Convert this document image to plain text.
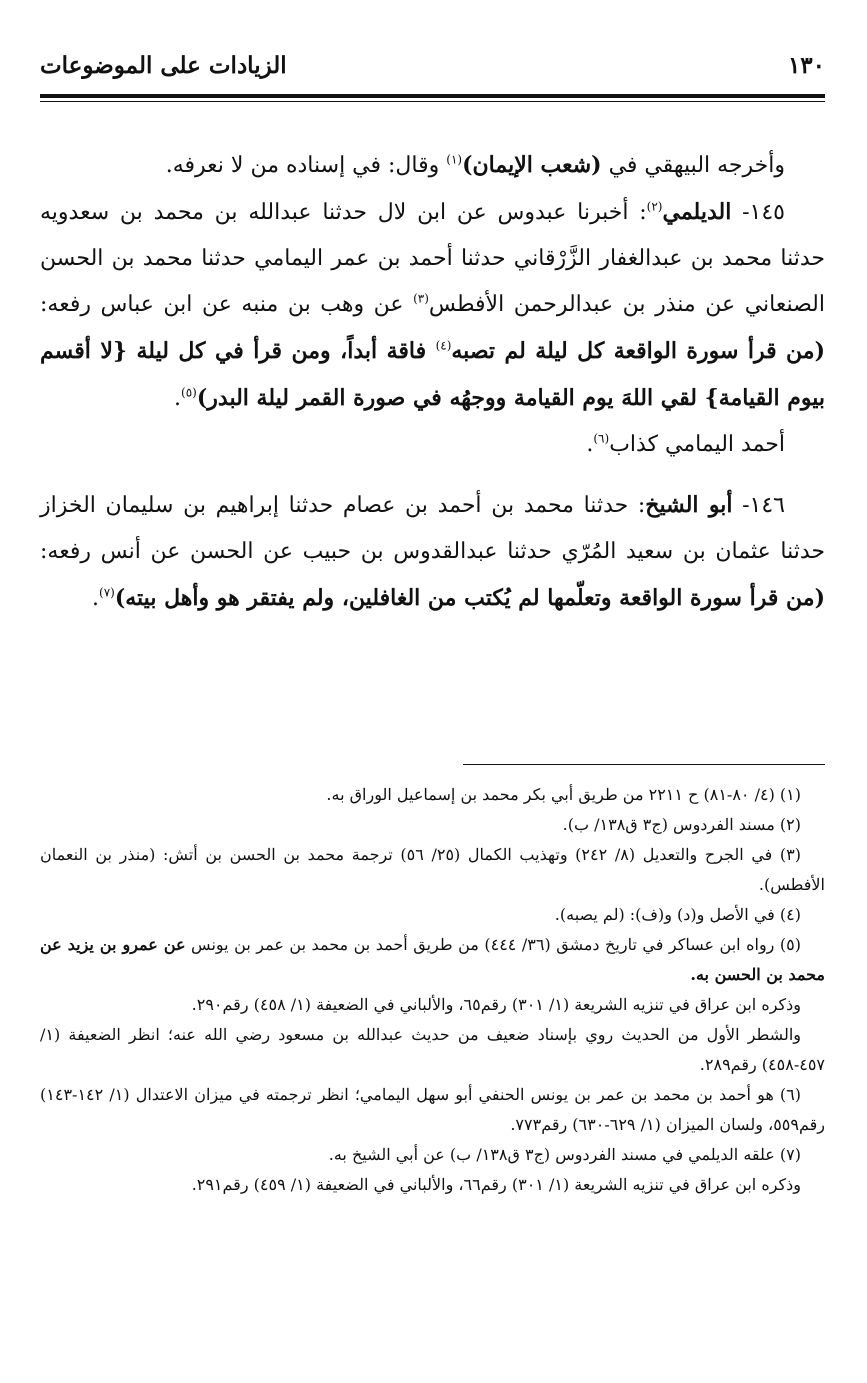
١٣٠
الزيادات على الموضوعات

وأخرجه البيهقي في (شعب الإيمان)$^{(١)}$ وقال: في إسناده من لا نعرفه.

١٤٥- الديلمي$^{(٢)}$: أخبرنا عبدوس عن ابن لال حدثنا عبدالله بن محمد بن سعدويه حدثنا محمد بن عبدالغفار الزَّرْقاني حدثنا أحمد بن عمر اليمامي حدثنا محمد بن الحسن الصنعاني عن منذر بن عبدالرحمن الأفطس$^{(٣)}$ عن وهب بن منبه عن ابن عباس رفعه: (من قرأ سورة الواقعة كل ليلة لم تصبه$^{(٤)}$ فاقة أبداً، ومن قرأ في كل ليلة {لا أقسم بيوم القيامة} لقي اللهَ يوم القيامة ووجهُه في صورة القمر ليلة البدر)$^{(٥)}$.

أحمد اليمامي كذاب$^{(٦)}$.

١٤٦- أبو الشيخ: حدثنا محمد بن أحمد بن عصام حدثنا إبراهيم بن سليمان الخزاز حدثنا عثمان بن سعيد المُرّي حدثنا عبدالقدوس بن حبيب عن الحسن عن أنس رفعه: (من قرأ سورة الواقعة وتعلّمها لم يُكتب من الغافلين، ولم يفتقر هو وأهل بيته)$^{(٧)}$.

(١) (٤/ ٨٠-٨١) ح ٢٢١١ من طريق أبي بكر محمد بن إسماعيل الوراق به.

(٢) مسند الفردوس (ج٣ ق١٣٨/ ب).

(٣) في الجرح والتعديل (٨/ ٢٤٢) وتهذيب الكمال (٢٥/ ٥٦) ترجمة محمد بن الحسن بن أتش: (منذر بن النعمان الأفطس).

(٤) في الأصل و(د) و(ف): (لم يصبه).

(٥) رواه ابن عساكر في تاريخ دمشق (٣٦/ ٤٤٤) من طريق أحمد بن محمد بن عمر بن يونس عن عمرو بن يزيد عن محمد بن الحسن به.

وذكره ابن عراق في تنزيه الشريعة (١/ ٣٠١) رقم٦٥، والألباني في الضعيفة (١/ ٤٥٨) رقم٢٩٠.

والشطر الأول من الحديث روي بإسناد ضعيف من حديث عبدالله بن مسعود رضي الله عنه؛ انظر الضعيفة (١/ ٤٥٧-٤٥٨) رقم٢٨٩.

(٦) هو أحمد بن محمد بن عمر بن يونس الحنفي أبو سهل اليمامي؛ انظر ترجمته في ميزان الاعتدال (١/ ١٤٢-١٤٣) رقم٥٥٩، ولسان الميزان (١/ ٦٢٩-٦٣٠) رقم٧٧٣.

(٧) علقه الديلمي في مسند الفردوس (ج٣ ق١٣٨/ ب) عن أبي الشيخ به.

وذكره ابن عراق في تنزيه الشريعة (١/ ٣٠١) رقم٦٦، والألباني في الضعيفة (١/ ٤٥٩) رقم٢٩١.
